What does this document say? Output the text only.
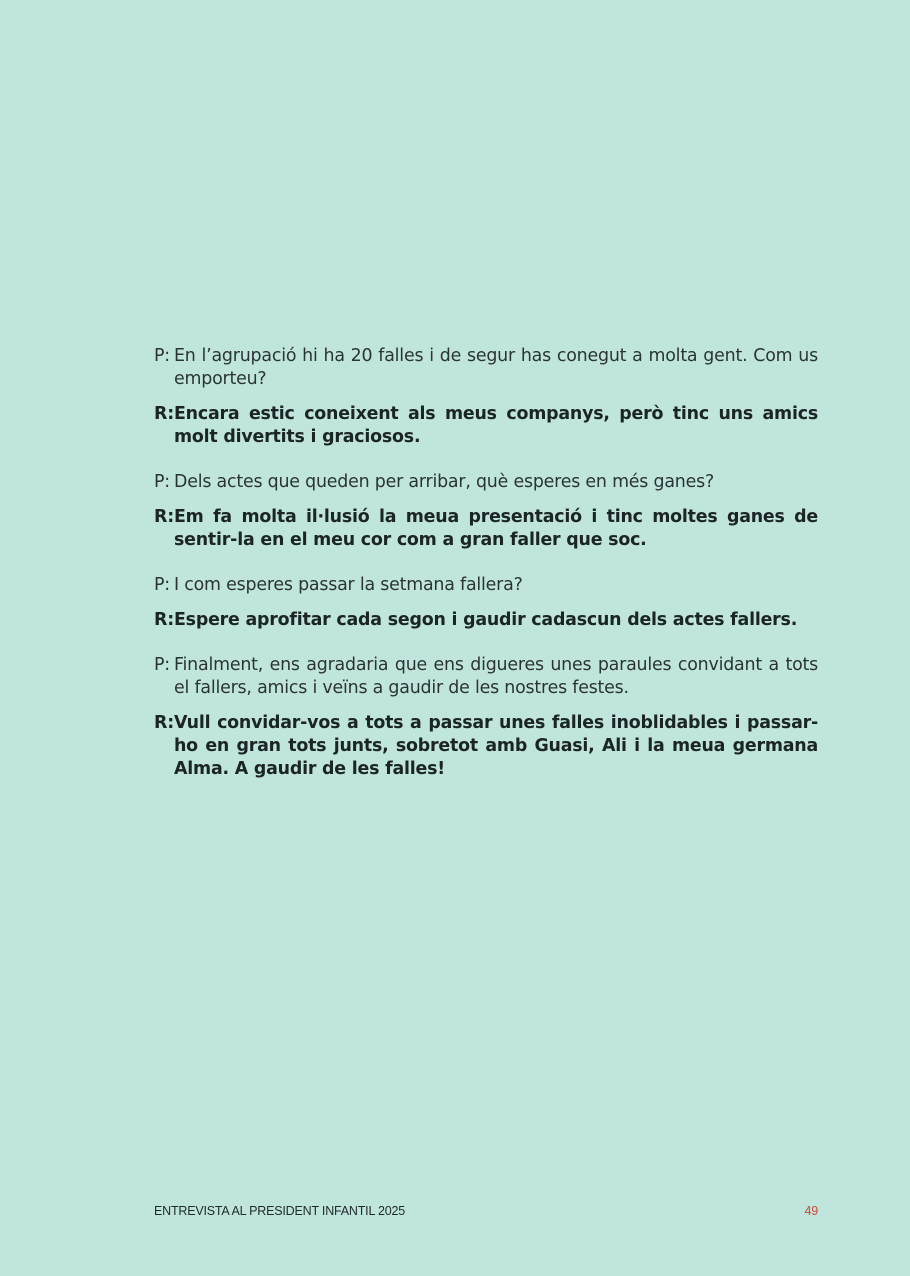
P: En l’agrupació hi ha 20 falles i de segur has conegut a molta gent. Com us emporteu?
R: Encara estic coneixent als meus companys, però tinc uns amics molt divertits i graciosos.
P: Dels actes que queden per arribar, què esperes en més ganes?
R: Em fa molta il·lusió la meua presentació i tinc moltes ganes de sentir-la en el meu cor com a gran faller que soc.
P: I com esperes passar la setmana fallera?
R: Espere aprofitar cada segon i gaudir cadascun dels actes fallers.
P: Finalment, ens agradaria que ens digueres unes paraules convidant a tots el fallers, amics i veïns a gaudir de les nostres festes.
R: Vull convidar-vos a tots a passar unes falles inoblidables i passar-ho en gran tots junts, sobretot amb Guasi, Ali i la meua germana Alma. A gaudir de les falles!
ENTREVISTA AL PRESIDENT INFANTIL 2025	49
